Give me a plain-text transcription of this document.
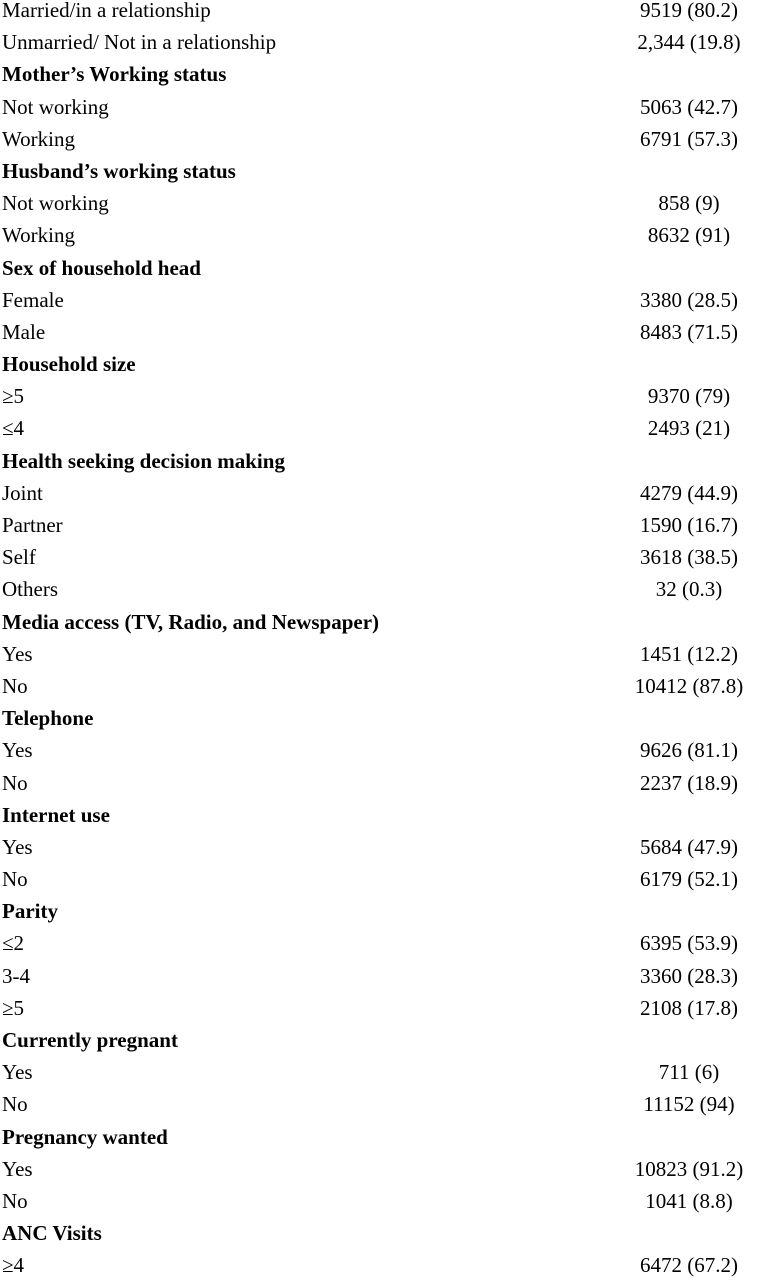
Married/in a relationship	9519 (80.2)
Unmarried/ Not in a relationship	2,344 (19.8)
Mother’s Working status
Not working	5063 (42.7)
Working	6791 (57.3)
Husband’s working status
Not working	858 (9)
Working	8632 (91)
Sex of household head
Female	3380 (28.5)
Male	8483 (71.5)
Household size
≥5	9370 (79)
≤4	2493 (21)
Health seeking decision making
Joint	4279 (44.9)
Partner	1590 (16.7)
Self	3618 (38.5)
Others	32 (0.3)
Media access (TV, Radio, and Newspaper)
Yes	1451 (12.2)
No	10412 (87.8)
Telephone
Yes	9626 (81.1)
No	2237 (18.9)
Internet use
Yes	5684 (47.9)
No	6179 (52.1)
Parity
≤2	6395 (53.9)
3-4	3360 (28.3)
≥5	2108 (17.8)
Currently pregnant
Yes	711 (6)
No	11152 (94)
Pregnancy wanted
Yes	10823 (91.2)
No	1041 (8.8)
ANC Visits
≥4	6472 (67.2)
